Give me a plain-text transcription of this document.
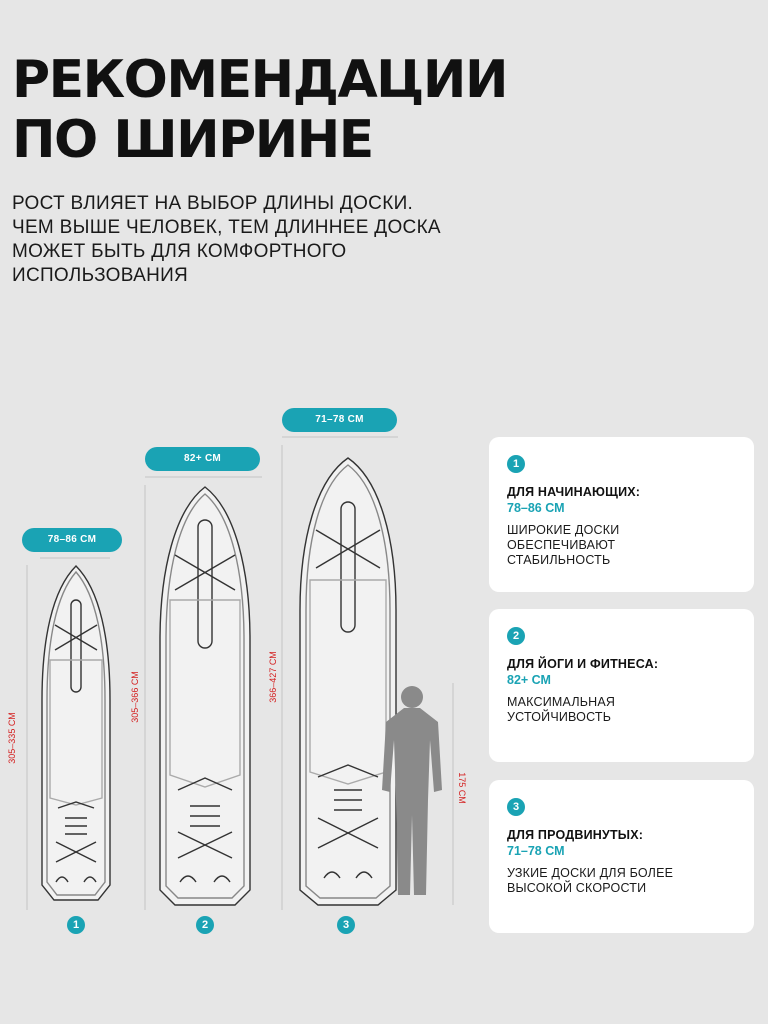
РЕКОМЕНДАЦИИ
ПО ШИРИНЕ
РОСТ ВЛИЯЕТ НА ВЫБОР ДЛИНЫ ДОСКИ.
ЧЕМ ВЫШЕ ЧЕЛОВЕК, ТЕМ ДЛИННЕЕ ДОСКА
МОЖЕТ БЫТЬ ДЛЯ КОМФОРТНОГО
ИСПОЛЬЗОВАНИЯ
78–86 СМ
82+ СМ
71–78 СМ
305–335 СМ
305–366 СМ	366–427 СМ
175 СМ
1	2	3
1
ДЛЯ НАЧИНАЮЩИХ:
78–86 СМ
ШИРОКИЕ ДОСКИ
ОБЕСПЕЧИВАЮТ
СТАБИЛЬНОСТЬ
2
ДЛЯ ЙОГИ И ФИТНЕСА:
82+ СМ
МАКСИМАЛЬНАЯ
УСТОЙЧИВОСТЬ
3
ДЛЯ ПРОДВИНУТЫХ:
71–78 СМ
УЗКИЕ ДОСКИ ДЛЯ БОЛЕЕ
ВЫСОКОЙ СКОРОСТИ
